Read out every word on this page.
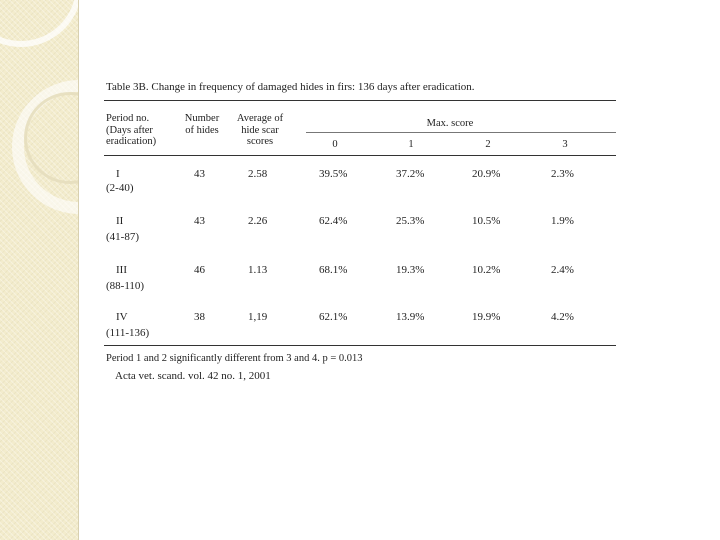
Table 3B. Change in frequency of damaged hides in firs: 136 days after eradication.
Period no.
(Days after
eradication)
Number
of hides
Average of
hide scar
scores
Max. score
0	1	2	3
I
(2-40)
43	2.58	39.5%	37.2%	20.9%	2.3%
II
(41-87)
43	2.26	62.4%	25.3%	10.5%	1.9%
III
(88-110)
46	1.13	68.1%	19.3%	10.2%	2.4%
IV
(111-136)
38	1,19	62.1%	13.9%	19.9%	4.2%
Period 1 and 2 significantly different from 3 and 4. p = 0.013
Acta vet. scand. vol. 42 no. 1, 2001
